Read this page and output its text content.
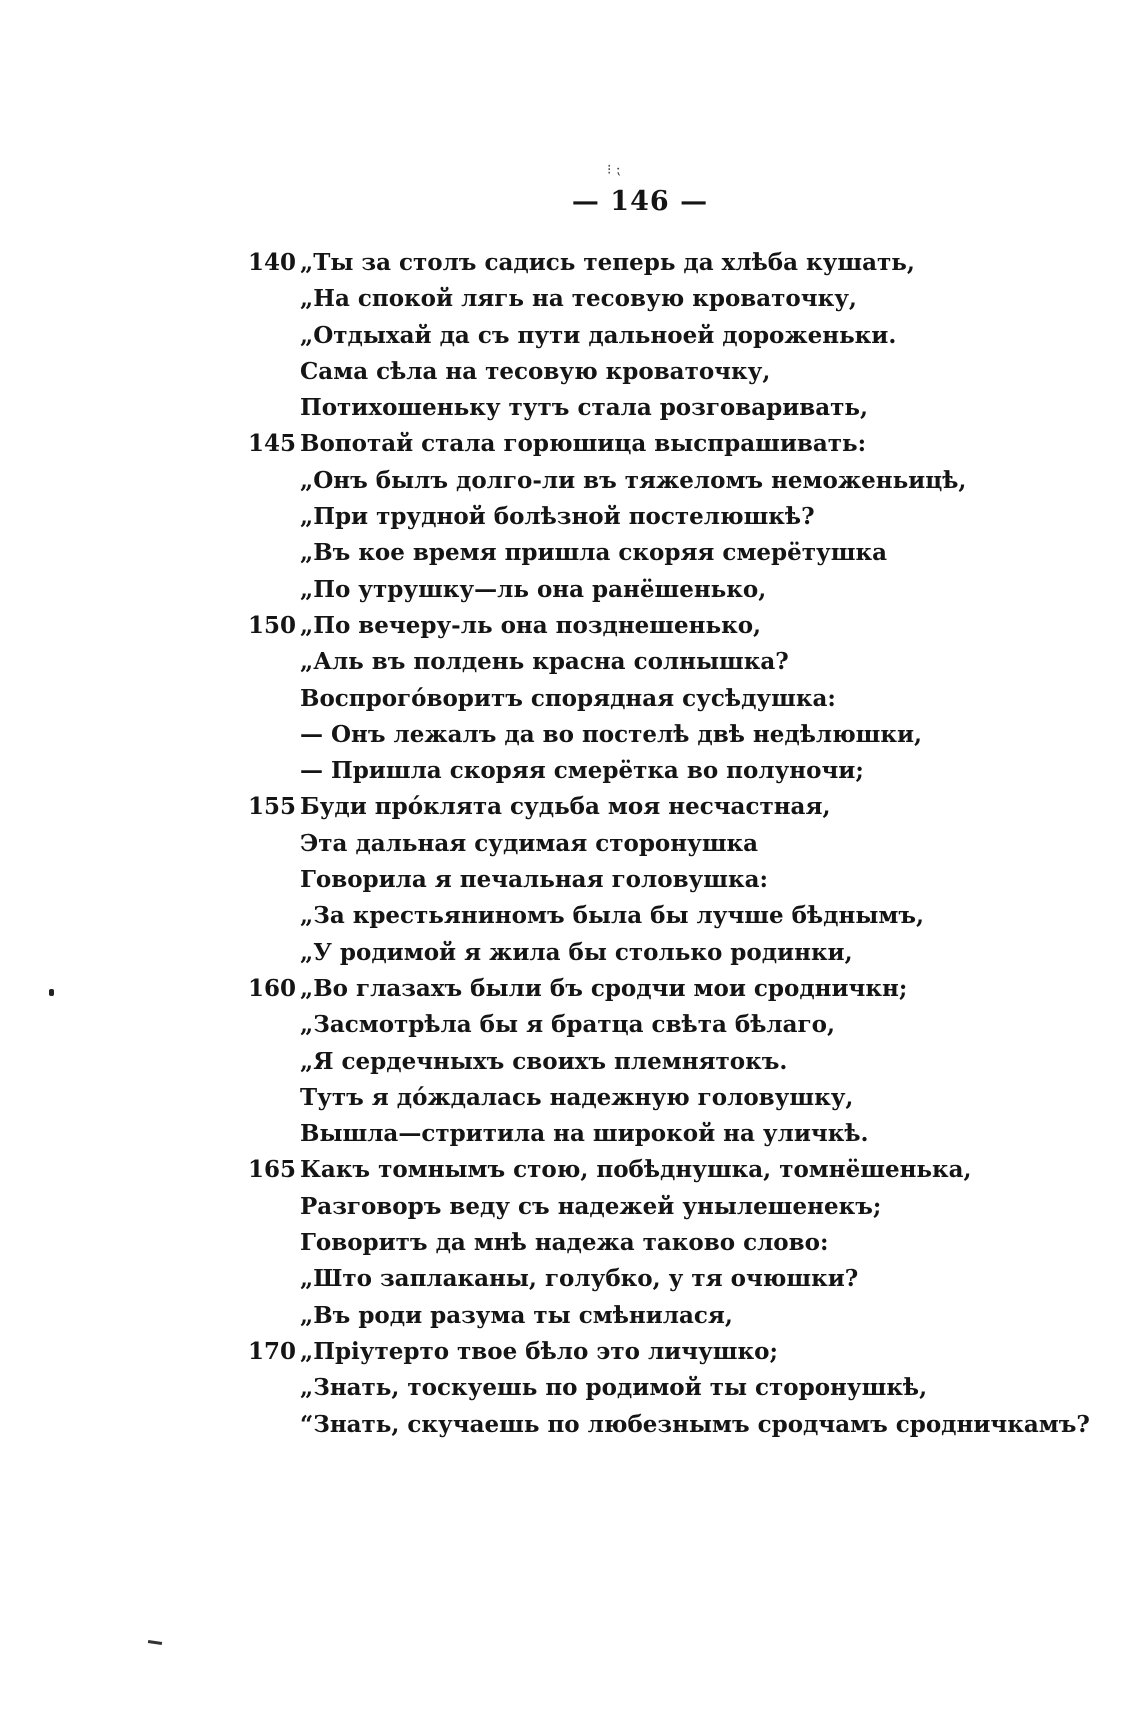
⁝ ⁏
— 146 —
140 „Ты за столъ садись теперь да хлѣба кушать,
„На спокой лягь на тесовую кроваточку,
„Отдыхай да съ пути дальноей дороженьки.
Сама сѣла на тесовую кроваточку,
Потихошеньку тутъ стала розговаривать,
145 Вопотай стала горюшица выспрашивать:
„Онъ былъ долго-ли въ тяжеломъ неможеньицѣ,
„При трудной болѣзной постелюшкѣ?
„Въ кое время пришла скоряя смерётушка
„По утрушку—ль она ранёшенько,
150 „По вечеру-ль она позднешенько,
„Аль въ полдень красна солнышка?
Воспрого́воритъ спорядная сусѣдушка:
— Онъ лежалъ да во постелѣ двѣ недѣлюшки,
— Пришла скоряя смерётка во полуночи;
155 Буди про́клята судьба моя несчастная,
Эта дальная судимая сторонушка
Говорила я печальная головушка:
„За крестьяниномъ была бы лучше бѣднымъ,
„У родимой я жила бы столько родинки,
160 „Во глазахъ были бъ сродчи мои сродничкн;
„Засмотрѣла бы я братца свѣта бѣлаго,
„Я сердечныхъ своихъ племнятокъ.
Тутъ я до́ждалась надежную головушку,
Вышла—стритила на широкой на уличкѣ.
165 Какъ томнымъ стою, побѣднушка, томнёшенька,
Разговоръ веду съ надежей унылешенекъ;
Говоритъ да мнѣ надежа таково слово:
„Што заплаканы, голубко, у тя очюшки?
„Въ роди разума ты смѣнилася,
170 „Пріутерто твое бѣло это личушко;
„Знать, тоскуешь по родимой ты сторонушкѣ,
“Знать, скучаешь по любезнымъ сродчамъ сродничкамъ?
